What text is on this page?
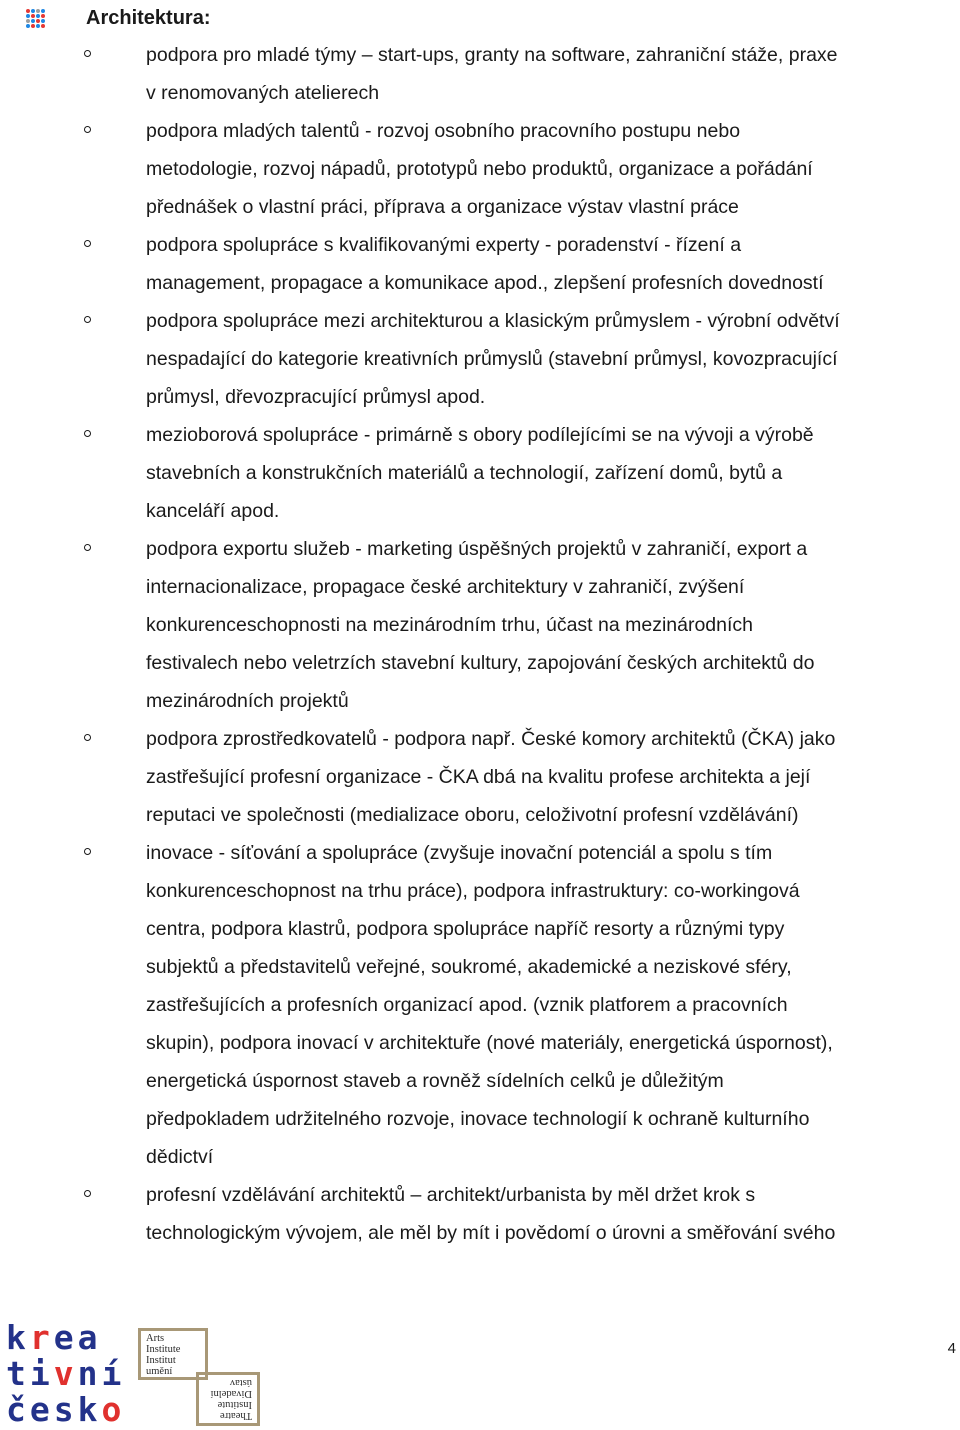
Architektura:
podpora pro mladé týmy – start-ups, granty na software, zahraniční stáže, praxe
v renomovaných atelierech
podpora mladých talentů - rozvoj osobního pracovního postupu nebo
metodologie, rozvoj nápadů, prototypů nebo produktů, organizace a pořádání
přednášek o vlastní práci, příprava a organizace výstav vlastní práce
podpora spolupráce s kvalifikovanými experty - poradenství - řízení a
management, propagace a komunikace apod., zlepšení profesních dovedností
podpora spolupráce mezi architekturou a klasickým průmyslem - výrobní odvětví
nespadající do kategorie kreativních průmyslů (stavební průmysl, kovozpracující
průmysl, dřevozpracující průmysl apod.
mezioborová spolupráce - primárně s obory podílejícími se na vývoji a výrobě
stavebních a konstrukčních materiálů a technologií, zařízení domů, bytů a
kanceláří apod.
podpora exportu služeb - marketing úspěšných projektů v zahraničí, export a
internacionalizace, propagace české architektury v zahraničí, zvýšení
konkurenceschopnosti na mezinárodním trhu, účast na mezinárodních
festivalech nebo veletrzích stavební kultury, zapojování českých architektů do
mezinárodních projektů
podpora zprostředkovatelů - podpora např. České komory architektů (ČKA) jako
zastřešující profesní organizace - ČKA dbá na kvalitu profese architekta a její
reputaci ve společnosti (medializace oboru, celoživotní profesní vzdělávání)
inovace - síťování a spolupráce (zvyšuje inovační potenciál a spolu s tím
konkurenceschopnost na trhu práce), podpora infrastruktury: co-workingová
centra, podpora klastrů, podpora spolupráce napříč resorty a různými typy
subjektů a představitelů veřejné, soukromé, akademické a neziskové sféry,
zastřešujících a profesních organizací apod. (vznik platforem a pracovních
skupin), podpora inovací v architektuře (nové materiály, energetická úspornost),
energetická úspornost staveb a rovněž sídelních celků je důležitým
předpokladem udržitelného rozvoje, inovace technologií k ochraně kulturního
dědictví
profesní vzdělávání architektů – architekt/urbanista by měl držet krok s
technologickým vývojem, ale měl by mít i povědomí o úrovni a směřování svého
krea
tivní
česko
Arts
Institute
Institut
umění
Theatre
Institute
Divadelní
ústav
4
